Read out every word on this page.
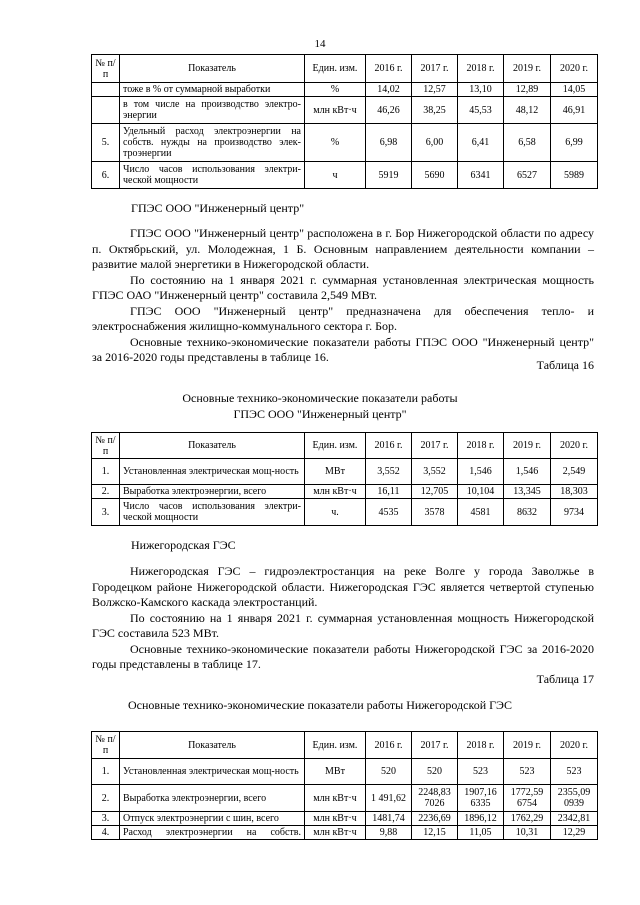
14
№ п/п	Показатель	Един. изм.	2016 г.	2017 г.	2018 г.	2019 г.	2020 г.
	тоже в % от суммарной выработки	%	14,02	12,57	13,10	12,89	14,05
	в том числе на производство электро-энергии	млн кВт·ч	46,26	38,25	45,53	48,12	46,91
5.	Удельный расход электроэнергии на собств. нужды на производство элек-троэнергии	%	6,98	6,00	6,41	6,58	6,99
6.	Число часов использования электри-ческой мощности	ч	5919	5690	6341	6527	5989
ГПЭС ООО "Инженерный центр"

ГПЭС ООО "Инженерный центр" расположена в г. Бор Нижегородской области по адресу п. Октябрьский, ул. Молодежная, 1 Б. Основным направлением деятельности компании – развитие малой энергетики в Нижегородской области.

По состоянию на 1 января 2021 г. суммарная установленная электрическая мощность ГПЭС ОАО "Инженерный центр" составила 2,549 МВт.

ГПЭС ООО "Инженерный центр" предназначена для обеспечения тепло- и электроснабжения жилищно-коммунального сектора г. Бор.

Основные технико-экономические показатели работы ГПЭС ООО "Инженерный центр" за 2016-2020 годы представлены в таблице 16.

Таблица 16
Основные технико-экономические показатели работы
ГПЭС ООО "Инженерный центр"
№ п/п	Показатель	Един. изм.	2016 г.	2017 г.	2018 г.	2019 г.	2020 г.
1.	Установленная электрическая мощ-ность	МВт	3,552	3,552	1,546	1,546	2,549
2.	Выработка электроэнергии, всего	млн кВт·ч	16,11	12,705	10,104	13,345	18,303
3.	Число часов использования электри-ческой мощности	ч.	4535	3578	4581	8632	9734
Нижегородская ГЭС

Нижегородская ГЭС – гидроэлектростанция на реке Волге у города Заволжье в Городецком районе Нижегородской области. Нижегородская ГЭС является четвертой ступенью Волжско-Камского каскада электростанций.

По состоянию на 1 января 2021 г. суммарная установленная мощность Нижегородской ГЭС составила 523 МВт.

Основные технико-экономические показатели работы Нижегородской ГЭС за 2016-2020 годы представлены в таблице 17.

Таблица 17
Основные технико-экономические показатели работы Нижегородской ГЭС
№ п/п	Показатель	Един. изм.	2016 г.	2017 г.	2018 г.	2019 г.	2020 г.
1.	Установленная электрическая мощ-ность	МВт	520	520	523	523	523
2.	Выработка электроэнергии, всего	млн кВт·ч	1 491,62	2248,83 7026	1907,16 6335	1772,59 6754	2355,09 0939
3.	Отпуск электроэнергии с шин, всего	млн кВт·ч	1481,74	2236,69	1896,12	1762,29	2342,81
4.	Расход электроэнергии на собств.	млн кВт·ч	9,88	12,15	11,05	10,31	12,29
